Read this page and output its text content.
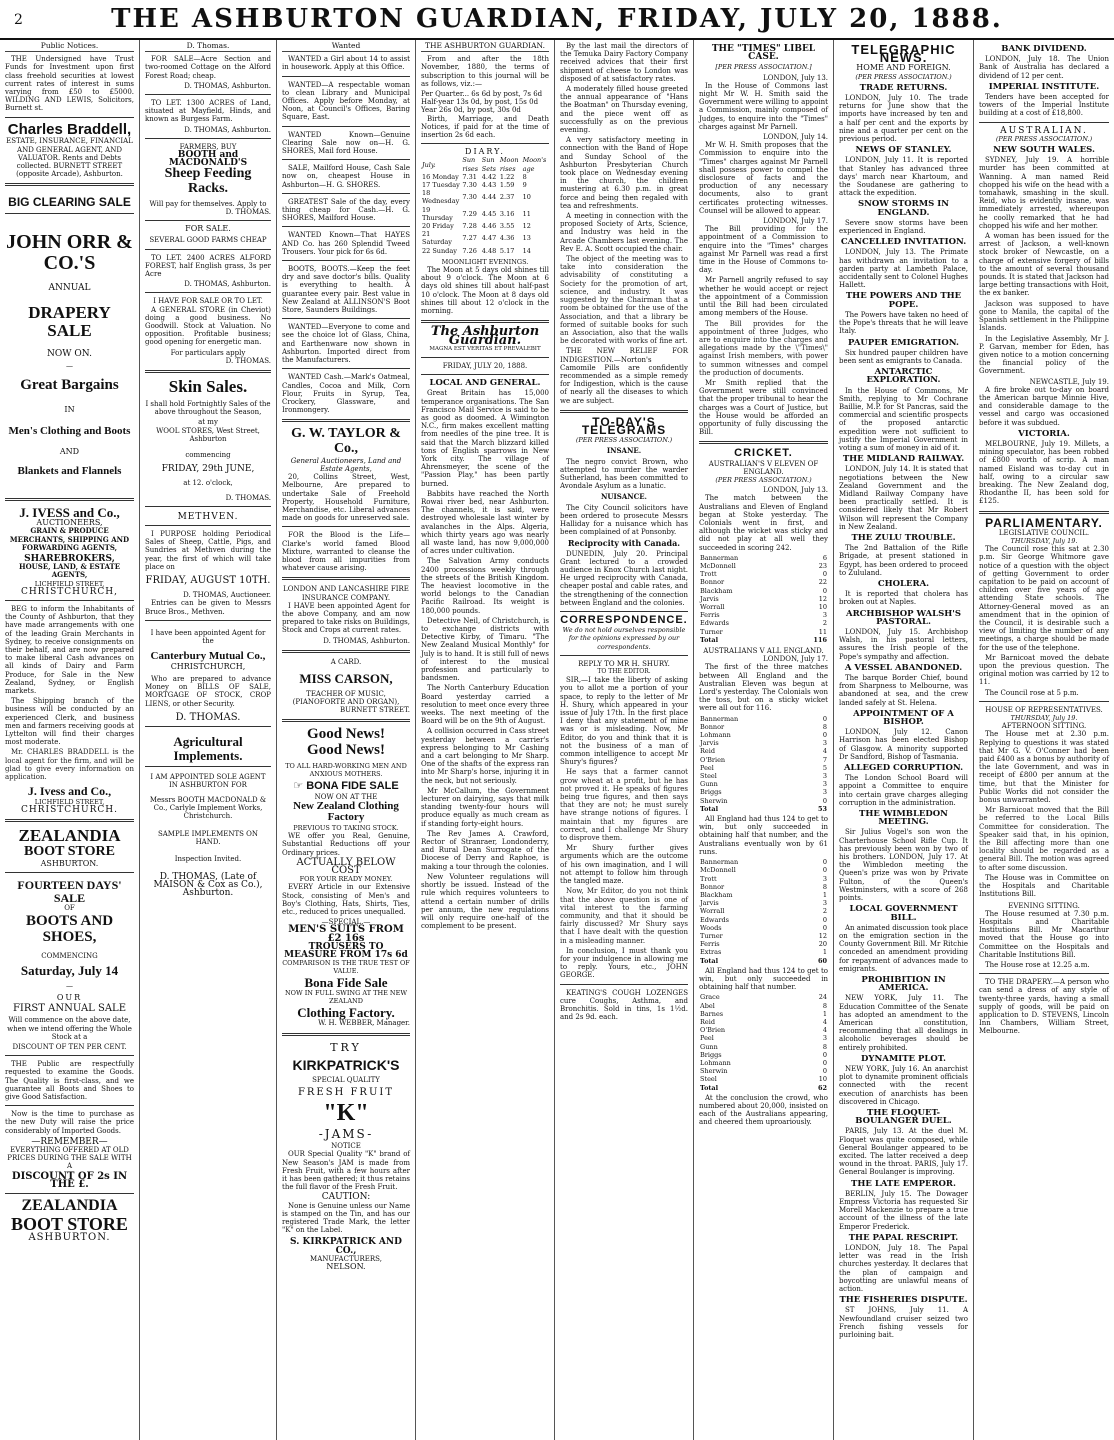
2	THE ASHBURTON GUARDIAN, FRIDAY, JULY 20, 1888.
Public Notices.

THE Undersigned have Trust Funds for Investment upon first class freehold securities at lowest current rates of interest in sums varying from £50 to £5000. WILDING AND LEWIS, Solicitors, Burnett st.

Charles Braddell,

ESTATE, INSURANCE, FINANCIAL AND GENERAL AGENT, AND VALUATOR. Rents and Debts collected. BURNETT STREET (opposite Arcade), Ashburton.

BIG CLEARING SALE
JOHN ORR & CO.'S
ANNUAL
DRAPERY SALE
NOW ON.
—
Great Bargains
IN
Men's Clothing and Boots
AND
Blankets and Flannels
J. IVESS and Co.,
AUCTIONEERS,
GRAIN & PRODUCE MERCHANTS, SHIPPING AND FORWARDING AGENTS,
SHAREBROKERS,
HOUSE, LAND, & ESTATE AGENTS,
LICHFIELD STREET,
CHRISTCHURCH,

BEG to inform the Inhabitants of the County of Ashburton, that they have made arrangements with one of the leading Grain Merchants in Sydney, to receive consignments on their behalf, and are now prepared to make liberal Cash advances on all kinds of Dairy and Farm Produce, for Sale in the New Zealand, Sydney, or English markets.

The Shipping branch of the business will be conducted by an experienced Clerk, and business men and farmers receiving goods at Lyttelton will find their charges most moderate.

Mr. CHARLES BRADDELL is the local agent for the firm, and will be glad to give every information on application.

J. Ivess and Co.,
LICHFIELD STREET,
CHRISTCHURCH.
ZEALANDIA
BOOT STORE
ASHBURTON.
FOURTEEN DAYS' SALE
OF
BOOTS AND SHOES,
COMMENCING
Saturday, July 14
—
OUR
FIRST ANNUAL SALE

Will commence on the above date, when we intend offering the Whole Stock at a

DISCOUNT OF TEN PER CENT.

THE Public are respectfully requested to examine the Goods. The Quality is first-class, and we guarantee all Boots and Shoes to give Good Satisfaction.

Now is the time to purchase as the new Duty will raise the price considerably of Imported Goods.

—REMEMBER—

EVERYTHING OFFERED AT OLD PRICES DURING THE SALE WITH A

DISCOUNT OF 2s IN THE £.
ZEALANDIA
BOOT STORE
ASHBURTON.
D. Thomas.

FOR SALE—Acre Section and two-roomed Cottage on the Alford Forest Road; cheap.

D. THOMAS, Ashburton.

TO LET. 1300 ACRES of Land, situated at Mayfield, Hinds, and known as Burgess Farm.

D. THOMAS, Ashburton.
FARMERS, BUY
BOOTH and MACDONALD'S
Sheep Feeding Racks.
Will pay for themselves. Apply to
D. THOMAS.
FOR SALE.
SEVERAL GOOD FARMS CHEAP

TO LET. 2400 ACRES ALFORD FOREST, half English grass, 3s per Acre

D. THOMAS, Ashburton.
I HAVE FOR SALE OR TO LET.

A GENERAL STORE (in Cheviot) doing a good business. No Goodwill. Stock at Valuation. No opposition. Profitable business; good opening for energetic man.

For particulars apply
D. THOMAS.
Skin Sales.

I shall hold Fortnightly Sales of the above throughout the Season,

at my
WOOL STORES, West Street, Ashburton
commencing
FRIDAY, 29th JUNE,
at 12. o'clock,
D. THOMAS.
METHVEN.

I PURPOSE holding Periodical Sales of Sheep, Cattle, Pigs, and Sundries at Methven during the year, the first of which will take place on

FRIDAY, AUGUST 10TH.
D. THOMAS, Auctioneer.

Entries can be given to Messrs Bruce Bros., Methven.

I have been appointed Agent for the

Canterbury Mutual Co.,
CHRISTCHURCH,

Who are prepared to advance Money on BILLS OF SALE, MORTGAGE OF STOCK, CROP LIENS, or other Security.

D. THOMAS.
Agricultural Implements.

I AM APPOINTED SOLE AGENT IN ASHBURTON FOR

Messrs BOOTH MACDONALD & Co., Carlyle Implement Works, Christchurch.

SAMPLE IMPLEMENTS ON HAND.
Inspection Invited.
D. THOMAS, (Late of MAISON & Cox as Co.), Ashburton.
Wanted

WANTED a Girl about 14 to assist in housework. Apply at this Office.

WANTED—A respectable woman to clean Library and Municipal Offices. Apply before Monday, at Noon, at Council's Offices, Baring Square, East.

WANTED Known—Genuine Clearing Sale now on—H. G. SHORES, Mail ford House.

SALE, Mailford House, Cash Sale now on, cheapest House in Ashburton—H. G. SHORES.

GREATEST Sale of the day, every thing cheap for Cash.—H. G. SHORES, Mailford House.

WANTED Known—That HAYES AND Co. has 260 Splendid Tweed Trousers. Your pick for 6s 6d.

BOOTS, BOOTS.—Keep the feet dry and save doctor's bills. Quality is everything to health. A guarantee every pair. Best value in New Zealand at ALLINSON'S Boot Store, Saunders Buildings.

WANTED—Everyone to come and see the choice lot of Glass, China, and Earthenware now shown in Ashburton. Imported direct from the Manufacturers.

WANTED Cash.—Mark's Oatmeal, Candles, Cocoa and Milk, Corn Flour, Fruits in Syrup, Tea, Crockery, Glassware, and Ironmongery.

G. W. TAYLOR & Co.,
General Auctioneers, Land and Estate Agents,

20, Collins Street, West, Melbourne, Are prepared to undertake Sale of Freehold Property, Household Furniture, Merchandise, etc. Liberal advances made on goods for unreserved sale.

FOR the Blood is the Life—Clarke's world famed Blood Mixture, warranted to cleanse the blood from all impurities from whatever cause arising.

LONDON AND LANCASHIRE FIRE INSURANCE COMPANY.

I HAVE been appointed Agent for the above Company, and am now prepared to take risks on Buildings, Stock and Crops at current rates.

D. THOMAS, Ashburton.
A CARD.
MISS CARSON,
TEACHER OF MUSIC, (PIANOFORTE AND ORGAN),
BURNETT STREET.
Good News!
Good News!
TO ALL HARD-WORKING MEN AND ANXIOUS MOTHERS.
☞ BONA FIDE SALE
NOW ON AT THE
New Zealand Clothing Factory
PREVIOUS TO TAKING STOCK.

WE offer you Real, Genuine, Substantial Reductions off your Ordinary prices.

ACTUALLY BELOW COST
FOR YOUR READY MONEY.

EVERY Article in our Extensive Stock, consisting of Men's and Boy's Clothing, Hats, Shirts, Ties, etc., reduced to prices unequalled.

—SPECIAL.—
MEN'S SUITS FROM £2 16s
TROUSERS TO MEASURE FROM 17s 6d
COMPARISON IS THE TRUE TEST OF VALUE.
Bona Fide Sale
NOW IN FULL SWING AT THE NEW ZEALAND
Clothing Factory.
W. H. WEBBER, Manager.
TRY
KIRKPATRICK'S
SPECIAL QUALITY
FRESH FRUIT
"K"
-JAMS-
NOTICE

OUR Special Quality "K" brand of New Season's JAM is made from Fresh Fruit, with a few hours after it has been gathered; it thus retains the full flavor of the Fresh Fruit.

CAUTION:

None is Genuine unless our Name is stamped on the Tin, and has our registered Trade Mark, the letter "K" on the Label.

S. KIRKPATRICK AND CO.,
MANUFACTURERS,
NELSON.
THE ASHBURTON GUARDIAN.

From and after the 18th November, 1880, the terms of subscription to this journal will be as follows, viz.:—

Per Quarter... 6s 6d by post, 7s 6d
Half-year 13s 0d, by post, 15s 0d
Year 26s 0d, by post, 30s 0d

Birth, Marriage, and Death Notices, if paid for at the time of insertion 2s 6d each.

DIARY.
July.	Sun rises	Sun Sets	Moon rises	Moon's age
16 Monday	7.31	4.42	1.22	8
17 Tuesday	7.30	4.43	1.59	9
18 Wednesday	7.30	4.44	2.37	10
19 Thursday	7.29	4.45	3.16	11
20 Friday	7.28	4.46	3.55	12
21 Saturday	7.27	4.47	4.36	13
22 Sunday	7.26	4.48	5.17	14
MOONLIGHT EVENINGS.

The Moon at 5 days old shines till about 9 o'clock. The Moon at 6 days old shines till about half-past 10 o'clock. The Moon at 8 days old shines till about 12 o'clock in the morning.

The Ashburton Guardian.
MAGNA EST VERITAS ET PREVALEBIT
FRIDAY, JULY 20, 1888.
LOCAL AND GENERAL.

Great Britain has 15,000 temperance organisations. The San Francisco Mail Service is said to be as good as doomed. A Wimington N.C., firm makes excellent matting from needles of the pine tree. It is said that the March blizzard killed tons of English sparrows in New York city. The village of Ahrensmeyer, the scene of the "Passion Play," has been partly burned.

Babbits have reached the North Rowai river bed, near Ashburton. The channels, it is said, were destroyed wholesale last winter by avalanches in the Alps. Algeria, which thirty years ago was nearly all waste land, has now 9,000,000 of acres under cultivation.

The Salvation Army conducts 2400 processions weekly through the streets of the British Kingdom. The heaviest locomotive in the world belongs to the Canadian Pacific Railroad. Its weight is 180,000 pounds.

Detective Neil, of Christchurch, is to exchange districts with Detective Kirby, of Timaru. "The New Zealand Musical Monthly" for July is to hand. It is still full of news of interest to the musical profession and particularly to bandsmen.

The North Canterbury Education Board yesterday carried a resolution to meet once every three weeks. The next meeting of the Board will be on the 9th of August.

A collision occurred in Cass street yesterday between a carrier's express belonging to Mr Cashing and a cart belonging to Mr Sharp. One of the shafts of the express ran into Mr Sharp's horse, injuring it in the neck, but not seriously.

Mr McCallum, the Government lecturer on dairying, says that milk standing twenty-four hours will produce equally as much cream as if standing forty-eight hours.

The Rev James A. Crawford, Rector of Stranraer, Londonderry, and Rural Dean Surrogate of the Diocese of Derry and Raphoe, is making a tour through the colonies.

New Volunteer regulations will shortly be issued. Instead of the rule which requires volunteers to attend a certain number of drills per annum, the new regulations will only require one-half of the complement to be present.

By the last mail the directors of the Temuka Dairy Factory Company received advices that their first shipment of cheese to London was disposed of at satisfactory rates.

A moderately filled house greeted the annual appearance of "Hans the Boatman" on Thursday evening, and the piece went off as successfully as on the previous evening.

A very satisfactory meeting in connection with the Band of Hope and Sunday School of the Ashburton Presbyterian Church took place on Wednesday evening in the church, the children mustering at 6.30 p.m. in great force and being then regaled with tea and refreshments.

A meeting in connection with the proposed Society of Arts, Science, and Industry was held in the Arcade Chambers last evening. The Rev E. A. Scott occupied the chair.

The object of the meeting was to take into consideration the advisability of constituting a Society for the promotion of art, science, and industry. It was suggested by the Chairman that a room be obtained for the use of the Association, and that a library be formed of suitable books for such an Association, also that the walls be decorated with works of fine art.

THE NEW RELIEF FOR INDIGESTION.—Norton's Camomile Pills are confidently recommended as a simple remedy for Indigestion, which is the cause of nearly all the diseases to which we are subject.

TO-DAY'S TELEGRAMS
(PER PRESS ASSOCIATION.)
INSANE.

The negro convict Brown, who attempted to murder the warder Sutherland, has been committed to Avondale Asylum as a lunatic.

NUISANCE.

The City Council solicitors have been ordered to prosecute Messrs Halliday for a nuisance which has been complained of at Ponsonby.

Reciprocity with Canada.

DUNEDIN, July 20. Principal Grant lectured to a crowded audience in Knox Church last night. He urged reciprocity with Canada, cheaper postal and cable rates, and the strengthening of the connection between England and the colonies.

CORRESPONDENCE.
We do not hold ourselves responsible for the opinions expressed by our correspondents.
REPLY TO MR H. SHURY.
TO THE EDITOR.

SIR,—I take the liberty of asking you to allot me a portion of your space, to reply to the letter of Mr H. Shury, which appeared in your issue of July 17th. In the first place I deny that any statement of mine was or is misleading. Now, Mr Editor, do you and think that it is not the business of a man of common intelligence to accept Mr Shury's figures?

He says that a farmer cannot grow wheat at a profit, but he has not proved it. He speaks of figures being true figures, and then says that they are not; he must surely have strange notions of figures. I maintain that my figures are correct, and I challenge Mr Shury to disprove them.

Mr Shury further gives arguments which are the outcome of his own imagination, and I will not attempt to follow him through the tangled maze.

Now, Mr Editor, do you not think that the above question is one of vital interest to the farming community, and that it should be fairly discussed? Mr Shury says that I have dealt with the question in a misleading manner.

In conclusion, I must thank you for your indulgence in allowing me to reply. Yours, etc., JOHN GEORGE.

KEATING'S COUGH LOZENGES cure Coughs, Asthma, and Bronchitis. Sold in tins, 1s 1½d. and 2s 9d. each.

THE "TIMES" LIBEL CASE.
[PER PRESS ASSOCIATION.]
LONDON, July 13.

In the House of Commons last night Mr W. H. Smith said the Government were willing to appoint a Commission, mainly composed of Judges, to enquire into the "Times" charges against Mr Parnell.

LONDON, July 14.

Mr W. H. Smith proposes that the Commission to enquire into the "Times" charges against Mr Parnell shall possess power to compel the disclosure of facts and the production of any necessary documents, also to grant certificates protecting witnesses. Counsel will be allowed to appear.

LONDON, July 17.

The Bill providing for the appointment of a Commission to enquire into the "Times" charges against Mr Parnell was read a first time in the House of Commons to-day.

Mr Parnell angrily refused to say whether he would accept or reject the appointment of a Commission until the Bill had been circulated among members of the House.

The Bill provides for the appointment of three Judges, who are to enquire into the charges and allegations made by the \"Times\" against Irish members, with power to summon witnesses and compel the production of documents.

Mr Smith replied that the Government were still convinced that the proper tribunal to hear the charges was a Court of Justice, but the House would be afforded an opportunity of fully discussing the Bill.

CRICKET.
AUSTRALIAN'S V ELEVEN OF ENGLAND.
(PER PRESS ASSOCIATION.)
LONDON, July 13.

The match between the Australians and Eleven of England began at Stoke yesterday. The Colonials went in first, and although the wicket was sticky and did not play at all well they succeeded in scoring 242.

Bannerman	6
McDonnell	23
Trott	0
Bonnor	22
Blackham	0
Jarvis	12
Worrall	10
Ferris	3
Edwards	2
Turner	11
Total	116
AUSTRALIANS V ALL ENGLAND.
LONDON, July 17.

The first of the three matches between All England and the Australian Eleven was begun at Lord's yesterday. The Colonials won the toss, but on a sticky wicket were all out for 116.

Bannerman	0
Bonnor	8
Lohmann	0
Jarvis	3
Reid	4
O'Brien	7
Peel	5
Steel	3
Gunn	3
Briggs	3
Sherwin	0
Total	53

All England had thus 124 to get to win, but only succeeded in obtaining half that number, and the Australians eventually won by 61 runs.

Bannerman	0
McDonnell	0
Trott	3
Bonnor	8
Blackham	1
Jarvis	3
Worrall	2
Edwards	0
Woods	0
Turner	12
Ferris	20
Extras	1
Total	60

All England had thus 124 to get to win, but only succeeded in obtaining half that number.

Grace	24
Abel	8
Barnes	1
Reid	4
O'Brien	4
Peel	3
Gunn	8
Briggs	0
Lohmann	0
Sherwin	0
Steel	10
Total	62

At the conclusion the crowd, who numbered about 20,000, insisted on each of the Australians appearing, and cheered them uproariously.

TELEGRAPHIC NEWS.
HOME AND FOREIGN.
(PER PRESS ASSOCIATION.)
TRADE RETURNS.

LONDON, July 10. The trade returns for June show that the imports have increased by ten and a half per cent and the exports by nine and a quarter per cent on the previous period.

NEWS OF STANLEY.

LONDON, July 11. It is reported that Stanley has advanced three days' march near Khartoum, and the Soudanese are gathering to attack the expedition.

SNOW STORMS IN ENGLAND.

Severe snow storms have been experienced in England.

CANCELLED INVITATION.

LONDON, July 13. The Primate has withdrawn an invitation to a garden party at Lambeth Palace, accidentally sent to Colonel Hughes Hallett.

THE POWERS AND THE POPE.

The Powers have taken no heed of the Pope's threats that he will leave Italy.

PAUPER EMIGRATION.

Six hundred pauper children have been sent as emigrants to Canada.

ANTARCTIC EXPLORATION.

In the House of Commons, Mr Smith, replying to Mr Cochrane Baillie, M.P. for St Pancras, said the commercial and scientific prospects of the proposed antarctic expedition were not sufficient to justify the Imperial Government in voting a sum of money in aid of it.

THE MIDLAND RAILWAY.

LONDON, July 14. It is stated that negotiations between the New Zealand Government and the Midland Railway Company have been practically settled. It is considered likely that Mr Robert Wilson will represent the Company in New Zealand.

THE ZULU TROUBLE.

The 2nd Battalion of the Rifle Brigade, at present stationed in Egypt, has been ordered to proceed to Zululand.

CHOLERA.

It is reported that cholera has broken out at Naples.

ARCHBISHOP WALSH'S PASTORAL.

LONDON, July 15. Archbishop Walsh, in his pastoral letters, assures the Irish people of the Pope's sympathy and affection.

A VESSEL ABANDONED.

The barque Border Chief, bound from Sharpness to Melbourne, was abandoned at sea, and the crew landed safely at St. Helena.

APPOINTMENT OF A BISHOP.

LONDON, July 12. Canon Harrison has been elected Bishop of Glasgow. A minority supported Dr Sandford, Bishop of Tasmania.

ALLEGED CORRUPTION.

The London School Board will appoint a Committee to enquire into certain grave charges alleging corruption in the administration.

THE WIMBLEDON MEETING.

Sir Julius Vogel's son won the Charterhouse School Rifle Cup. It has previously been won by two of his brothers. LONDON, July 17. At the Wimbledon meeting the Queen's prize was won by Private Fulton, of the Queen's Westminsters, with a score of 268 points.

LOCAL GOVERNMENT BILL.

An animated discussion took place on the emigration section in the County Government Bill. Mr Ritchie conceded an amendment providing for repayment of advances made to emigrants.

PROHIBITION IN AMERICA.

NEW YORK, July 11. The Education Committee of the Senate has adopted an amendment to the American constitution, recommending that all dealings in alcoholic beverages should be entirely prohibited.

DYNAMITE PLOT.

NEW YORK, July 16. An anarchist plot to dynamite prominent officials connected with the recent execution of anarchists has been discovered in Chicago.

THE FLOQUET-BOULANGER DUEL.

PARIS, July 13. At the duel M. Floquet was quite composed, while General Boulanger appeared to be excited. The latter received a deep wound in the throat. PARIS, July 17. General Boulanger is improving.

THE LATE EMPEROR.

BERLIN, July 15. The Dowager Empress Victoria has requested Sir Morell Mackenzie to prepare a true account of the illness of the late Emperor Frederick.

THE PAPAL RESCRIPT.

LONDON, July 18. The Papal letter was read in the Irish churches yesterday. It declares that the plan of campaign and boycotting are unlawful means of action.

THE FISHERIES DISPUTE.

ST JOHNS, July 11. A Newfoundland cruiser seized two French fishing vessels for purloining bait.

BANK DIVIDEND.

LONDON, July 18. The Union Bank of Australia has declared a dividend of 12 per cent.

IMPERIAL INSTITUTE.

Tenders have been accepted for towers of the Imperial Institute building at a cost of £18,800.

AUSTRALIAN.
(PER PRESS ASSOCIATION.)
NEW SOUTH WALES.

SYDNEY, July 19. A horrible murder has been committed at Wanning. A man named Reid chopped his wife on the head with a tomahawk, smashing in the skull. Reid, who is evidently insane, was immediately arrested, whereupon he coolly remarked that he had chopped his wife and her mother.

A woman has been issued for the arrest of Jackson, a well-known stock broker of Newcastle, on a charge of extensive forgery of bills to the amount of several thousand pounds. It is stated that Jackson had large betting transactions with Hoit, the ex banker.

Jackson was supposed to have gone to Manila, the capital of the Spanish settlement in the Philippine Islands.

In the Legislative Assembly, Mr J. P. Garvan, member for Eden, has given notice to a motion concerning the financial policy of the Government.

NEWCASTLE, July 19.

A fire broke out to-day on board the American barque Minnie Hive, and considerable damage to the vessel and cargo was occasioned before it was subdued.

VICTORIA.

MELBOURNE, July 19. Millets, a mining speculator, has been robbed of £800 worth of scrip. A man named Eisland was to-day cut in half, owing to a circular saw breaking. The New Zealand dog, Rhodanthe II, has been sold for £125.

PARLIAMENTARY.
LEGISLATIVE COUNCIL.
THURSDAY, July 19.

The Council rose this sat at 2.30 p.m. Sir George Whitmore gave notice of a question with the object of getting Government to order capitation to be paid on account of children over five years of age attending State schools. The Attorney-General moved as an amendment that in the opinion of the Council, it is desirable such a view of limiting the number of any meetings, a charge should be made for the use of the telephone.

Mr Barnicoat moved the debate upon the previous question. The original motion was carried by 12 to 11.

The Council rose at 5 p.m.

HOUSE OF REPRESENTATIVES.
THURSDAY, July 19.
AFTERNOON SITTING.

The House met at 2.30 p.m. Replying to questions it was stated that Mr G. V. O'Conner had been paid £400 as a bonus by authority of the late Government, and was in receipt of £800 per annum at the time, but that the Minister for Public Works did not consider the bonus unwarranted.

Mr Barnicoat moved that the Bill be referred to the Local Bills Committee for consideration. The Speaker said that, in his opinion, the Bill affecting more than one locality should be regarded as a general Bill. The motion was agreed to after some discussion.

The House was in Committee on the Hospitals and Charitable Institutions Bill.

EVENING SITTING.

The House resumed at 7.30 p.m. Hospitals and Charitable Institutions Bill. Mr Macarthur moved that the House go into Committee on the Hospitals and Charitable Institutions Bill.

The House rose at 12.25 a.m.

TO THE DRAPERY.—A person who can send a dress of any style of twenty-three yards, having a small supply of goods, will be paid on application to D. STEVENS, Lincoln Inn Chambers, William Street, Melbourne.
